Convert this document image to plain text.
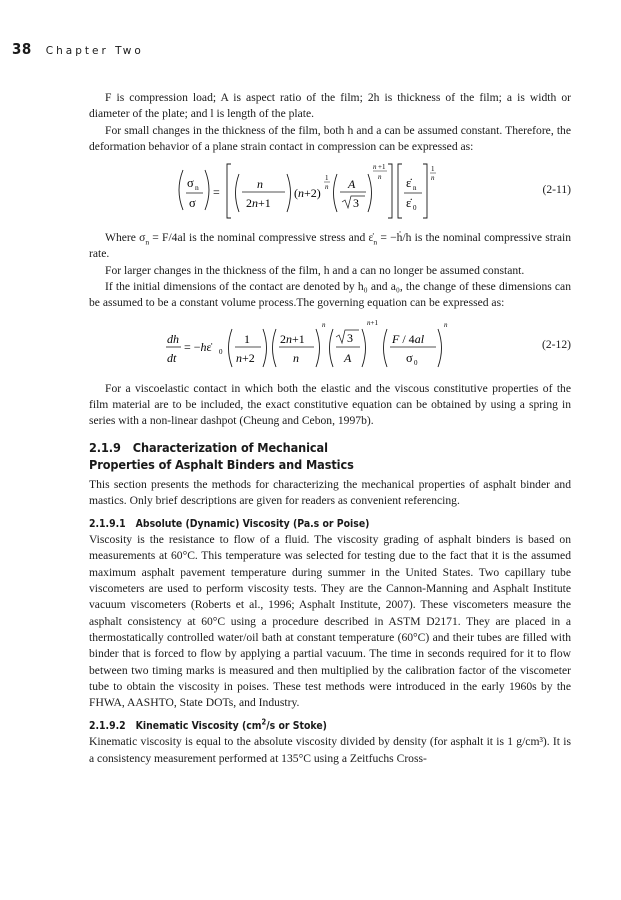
38 Chapter Two

F is compression load; A is aspect ratio of the film; 2h is thickness of the film; a is width or diameter of the plate; and l is length of the plate.

For small changes in the thickness of the film, both h and a can be assumed constant. Therefore, the deformation behavior of a plane strain contact in compression can be expressed as:

σ n
σ
=
n
2n+1
(n+2)
1
n A
3
n +1
n ε̇ n
ε̇ 0
1
n
(2-11)

Where $\sigma_n = F/4al$ is the nominal compressive stress and $\varepsiloṅ_n$ = −ḣ/h is the nominal compressive strain rate.

For larger changes in the thickness of the film, h and a can no longer be assumed constant.

If the initial dimensions of the contact are denoted by h₀ and a₀, the change of these dimensions can be assumed to be a constant volume process.The governing equation can be expressed as:

dh
dt
= −hε̇ 0
1
n+2
2n+1
n
n
3
A
n+1
F / 4al
σ 0
n
(2-12)

For a viscoelastic contact in which both the elastic and the viscous constitutive properties of the film material are to be included, the exact constitutive equation can be obtained by using a spring in series with a non-linear dashpot (Cheung and Cebon, 1997b).

2.1.9 Characterization of Mechanical
Properties of Asphalt Binders and Mastics

This section presents the methods for characterizing the mechanical properties of asphalt binder and mastics. Only brief descriptions are given for readers as convenient referencing.

2.1.9.1 Absolute (Dynamic) Viscosity (Pa.s or Poise)

Viscosity is the resistance to flow of a fluid. The viscosity grading of asphalt binders is based on measurements at 60°C. This temperature was selected for testing due to the fact that it is the assumed maximum asphalt pavement temperature during summer in the United States. Two capillary tube viscometers are used to perform viscosity tests. They are the Cannon-Manning and Asphalt Institute vacuum viscometers (Roberts et al., 1996; Asphalt Institute, 2007). These viscometers measure the asphalt consistency at 60°C using a procedure described in ASTM D2171. They are placed in a thermostatically controlled water/oil bath at constant temperature (60°C) and their tubes are filled with binder that is forced to flow by applying a partial vacuum. The time in seconds required for it to flow between two timing marks is measured and then multiplied by the calibration factor of the viscometer tube to obtain the viscosity in poises. These test methods were introduced in the early 1960s by the FHWA, AASHTO, State DOTs, and Industry.

2.1.9.2 Kinematic Viscosity ($cm^2/s$ or Stoke)

Kinematic viscosity is equal to the absolute viscosity divided by density (for asphalt it is 1 g/cm³). It is a consistency measurement performed at 135°C using a Zeitfuchs Cross-
